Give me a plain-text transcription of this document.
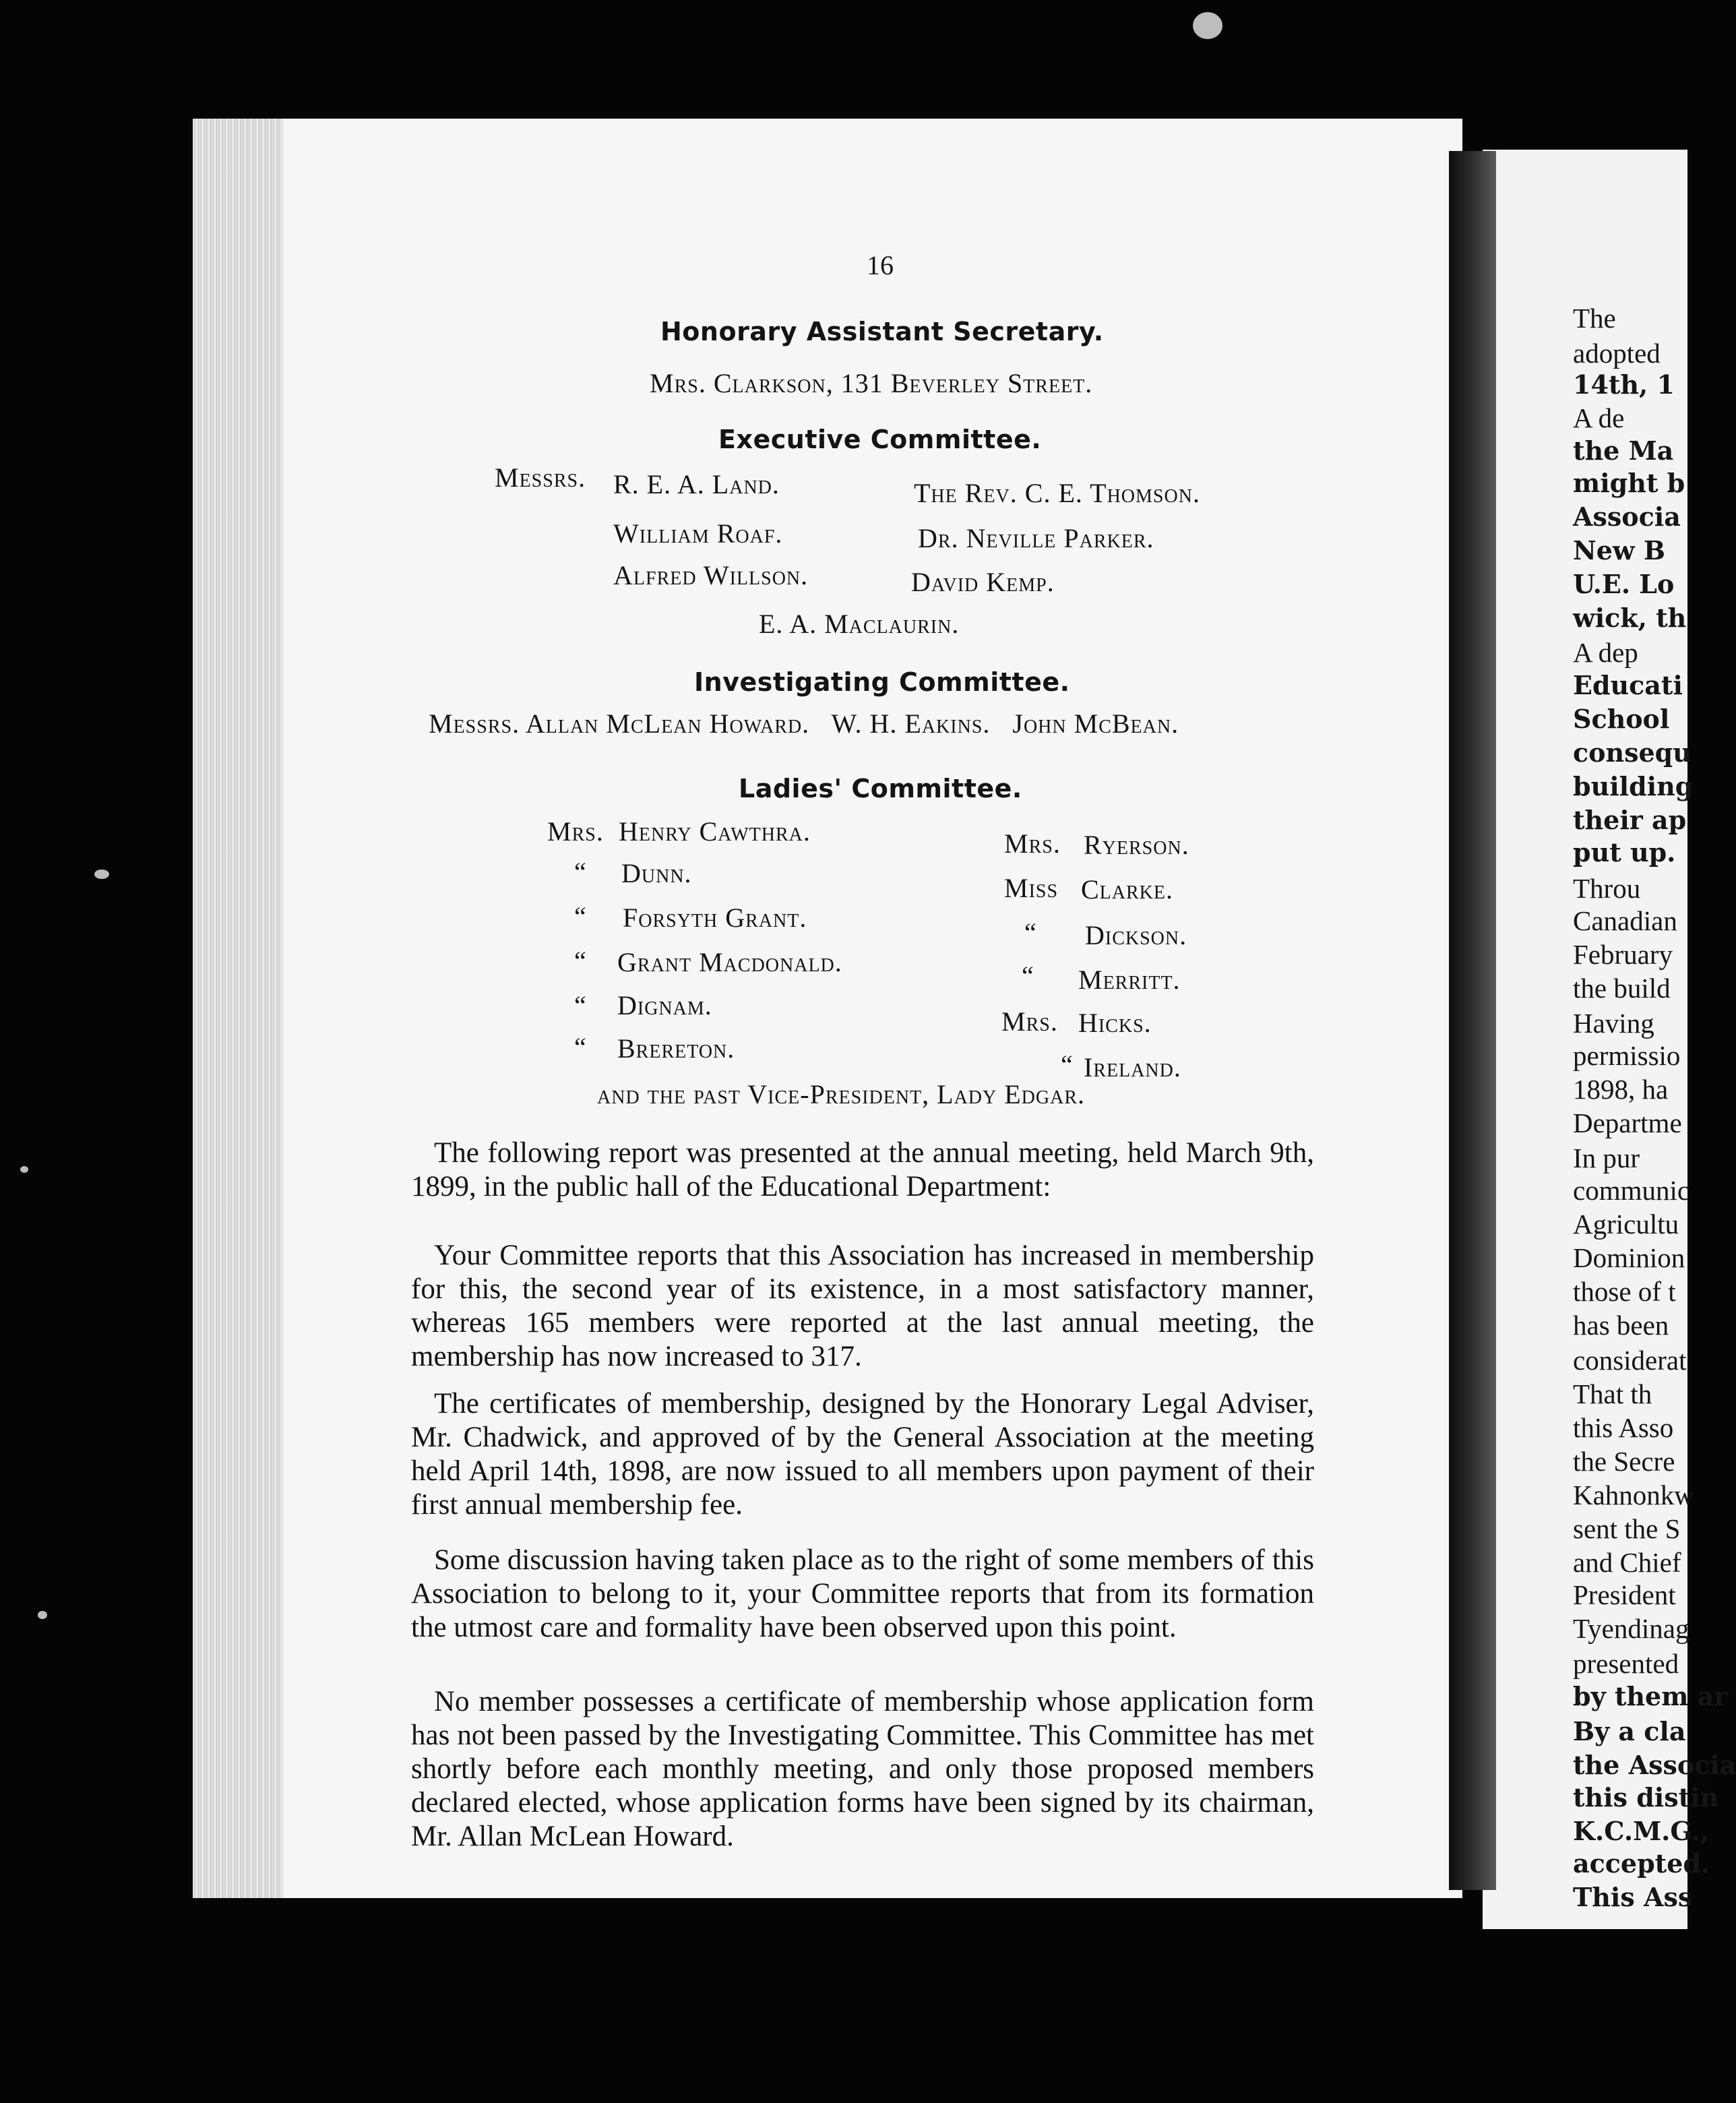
16
Honorary Assistant Secretary.
Mrs. Clarkson, 131 Beverley Street.
Executive Committee.
Messrs. R. E. A. Land.
William Roaf.
Alfred Willson.
The Rev. C. E. Thomson.
Dr. Neville Parker.
David Kemp.
E. A. Maclaurin.
Investigating Committee.
Messrs. Allan McLean Howard.   W. H. Eakins.   John McBean.
Ladies' Committee.
Mrs. Henry Cawthra.
“ Dunn.
“ Forsyth Grant.
“ Grant Macdonald.
“ Dignam.
“ Brereton.
Mrs. Ryerson.
Miss Clarke.
“ Dickson.
“ Merritt.
Mrs. Hicks.
“ Ireland.
and the past Vice-President, Lady Edgar.
The following report was presented at the annual meeting, held March 9th, 1899, in the public hall of the Educational Department:
Your Committee reports that this Association has increased in membership for this, the second year of its existence, in a most satisfactory manner, whereas 165 members were reported at the last annual meeting, the membership has now increased to 317.
The certificates of membership, designed by the Honorary Legal Adviser, Mr. Chadwick, and approved of by the General Association at the meeting held April 14th, 1898, are now issued to all members upon payment of their first annual membership fee.
Some discussion having taken place as to the right of some members of this Association to belong to it, your Committee reports that from its formation the utmost care and formality have been observed upon this point.
No member possesses a certificate of membership whose application form has not been passed by the Investigating Committee. This Committee has met shortly before each monthly meeting, and only those proposed members declared elected, whose application forms have been signed by its chairman, Mr. Allan McLean Howard.
The
adopted
14th, 1
A de
the Ma
might b
Associa
New B
U.E. Lo
wick, th
A dep
Educati
School
consequ
building
their ap
put up.
Throu
Canadian
February
the build
Having
permissio
1898, ha
Departme
In pur
communic
Agricultu
Dominion
those of t
has been
considerat
That th
this Asso
the Secre
Kahnonkw
sent the S
and Chief
President
Tyendinag
presented
by them ar
By a cla
the Associa
this distin
K.C.M.G.,
accepted.
This Ass
